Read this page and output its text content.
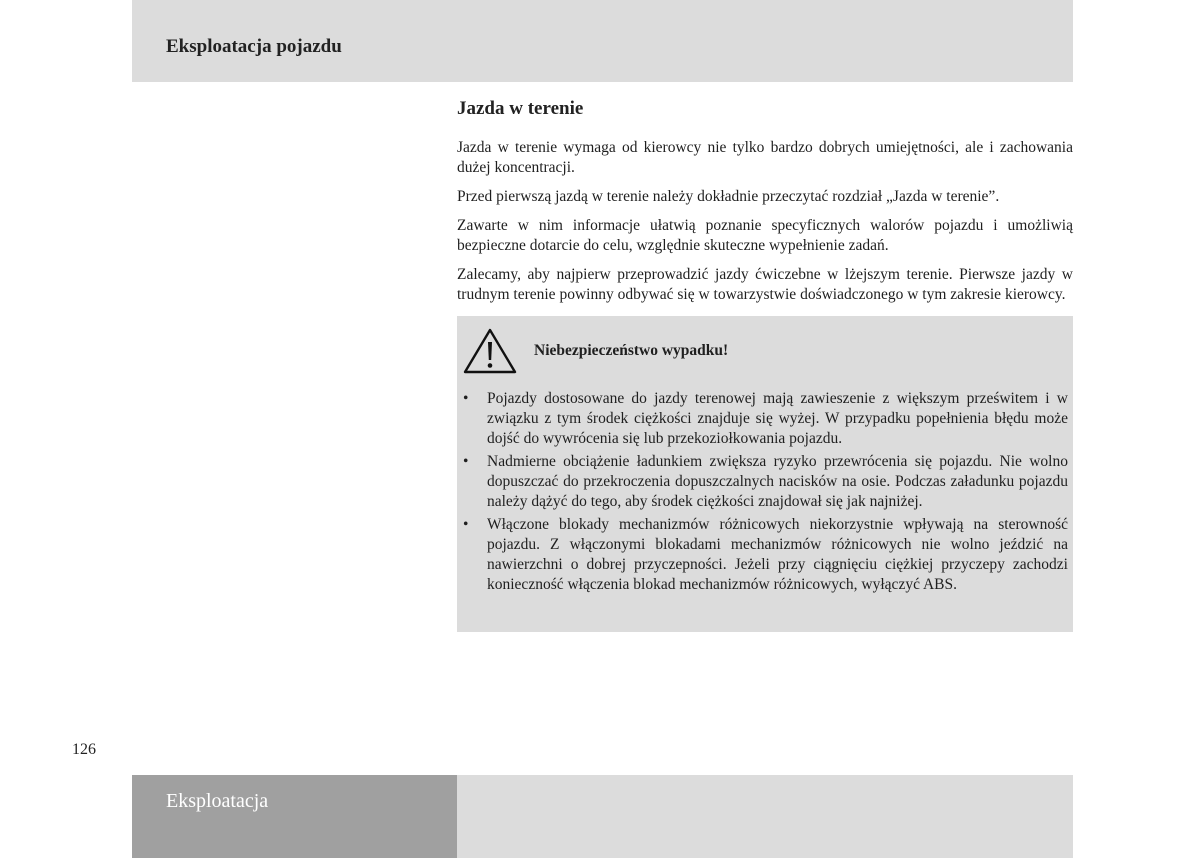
Eksploatacja pojazdu
Jazda w terenie

Jazda w terenie wymaga od kierowcy nie tylko bardzo dobrych umiejętności, ale i zachowania dużej koncentracji.

Przed pierwszą jazdą w terenie należy dokładnie przeczytać rozdział „Jazda w terenie”.

Zawarte w nim informacje ułatwią poznanie specyficznych walorów pojazdu i umożliwią bezpieczne dotarcie do celu, względnie skuteczne wypełnienie zadań.

Zalecamy, aby najpierw przeprowadzić jazdy ćwiczebne w lżejszym terenie. Pierwsze jazdy w trudnym terenie powinny odbywać się w towarzystwie doświadczonego w tym zakresie kierowcy.

Niebezpieczeństwo wypadku!
• Pojazdy dostosowane do jazdy terenowej mają zawieszenie z większym prześwitem i w związku z tym środek ciężkości znajduje się wyżej. W przypadku popełnienia błędu może dojść do wywrócenia się lub przekoziołkowania pojazdu.
• Nadmierne obciążenie ładunkiem zwiększa ryzyko przewrócenia się pojazdu. Nie wolno dopuszczać do przekroczenia dopuszczalnych nacisków na osie. Podczas załadunku pojazdu należy dążyć do tego, aby środek ciężkości znajdował się jak najniżej.
• Włączone blokady mechanizmów różnicowych niekorzystnie wpływają na sterowność pojazdu. Z włączonymi blokadami mechanizmów różnicowych nie wolno jeździć na nawierzchni o dobrej przyczepności. Jeżeli przy ciągnięciu ciężkiej przyczepy zachodzi konieczność włączenia blokad mechanizmów różnicowych, wyłączyć ABS.
126
Eksploatacja
